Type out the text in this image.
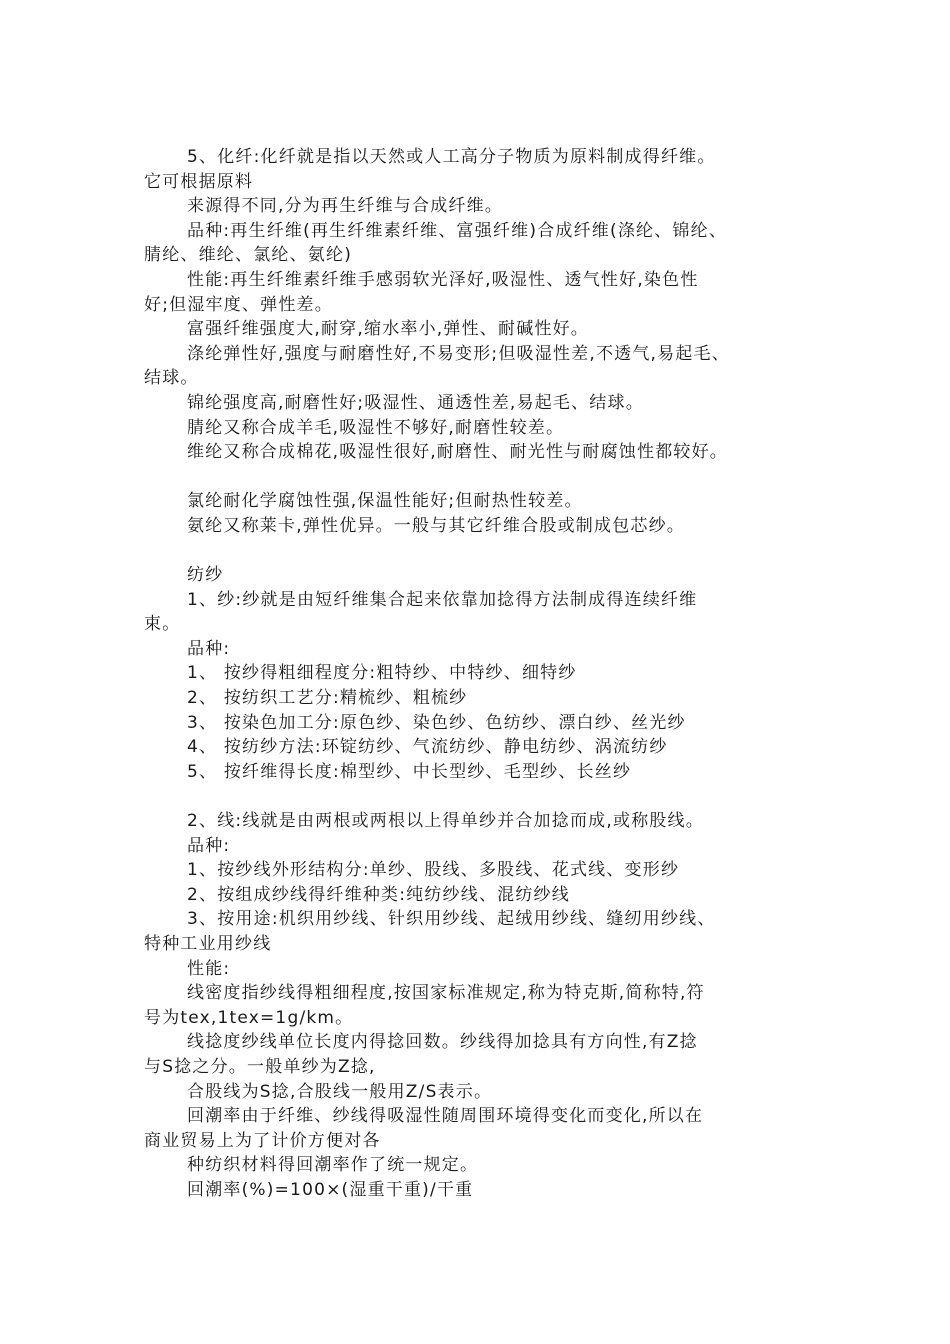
5、化纤:化纤就是指以天然或人工高分子物质为原料制成得纤维。
它可根据原料
来源得不同,分为再生纤维与合成纤维。
品种:再生纤维(再生纤维素纤维、富强纤维)合成纤维(涤纶、锦纶、
腈纶、维纶、氯纶、氨纶)
性能:再生纤维素纤维手感弱软光泽好,吸湿性、透气性好,染色性
好;但湿牢度、弹性差。
富强纤维强度大,耐穿,缩水率小,弹性、耐碱性好。
涤纶弹性好,强度与耐磨性好,不易变形;但吸湿性差,不透气,易起毛、
结球。
锦纶强度高,耐磨性好;吸湿性、通透性差,易起毛、结球。
腈纶又称合成羊毛,吸湿性不够好,耐磨性较差。
维纶又称合成棉花,吸湿性很好,耐磨性、耐光性与耐腐蚀性都较好。
氯纶耐化学腐蚀性强,保温性能好;但耐热性较差。
氨纶又称莱卡,弹性优异。一般与其它纤维合股或制成包芯纱。
纺纱
1、纱:纱就是由短纤维集合起来依靠加捻得方法制成得连续纤维
束。
品种:
1、 按纱得粗细程度分:粗特纱、中特纱、细特纱
2、 按纺织工艺分:精梳纱、粗梳纱
3、 按染色加工分:原色纱、染色纱、色纺纱、漂白纱、丝光纱
4、 按纺纱方法:环锭纺纱、气流纺纱、静电纺纱、涡流纺纱
5、 按纤维得长度:棉型纱、中长型纱、毛型纱、长丝纱
2、线:线就是由两根或两根以上得单纱并合加捻而成,或称股线。
品种:
1、按纱线外形结构分:单纱、股线、多股线、花式线、变形纱
2、按组成纱线得纤维种类:纯纺纱线、混纺纱线
3、按用途:机织用纱线、针织用纱线、起绒用纱线、缝纫用纱线、
特种工业用纱线
性能:
线密度指纱线得粗细程度,按国家标准规定,称为特克斯,简称特,符
号为tex,1tex=1g/km。
线捻度纱线单位长度内得捻回数。纱线得加捻具有方向性,有Z捻
与S捻之分。一般单纱为Z捻,
合股线为S捻,合股线一般用Z/S表示。
回潮率由于纤维、纱线得吸湿性随周围环境得变化而变化,所以在
商业贸易上为了计价方便对各
种纺织材料得回潮率作了统一规定。
回潮率(%)=100×(湿重干重)/干重
